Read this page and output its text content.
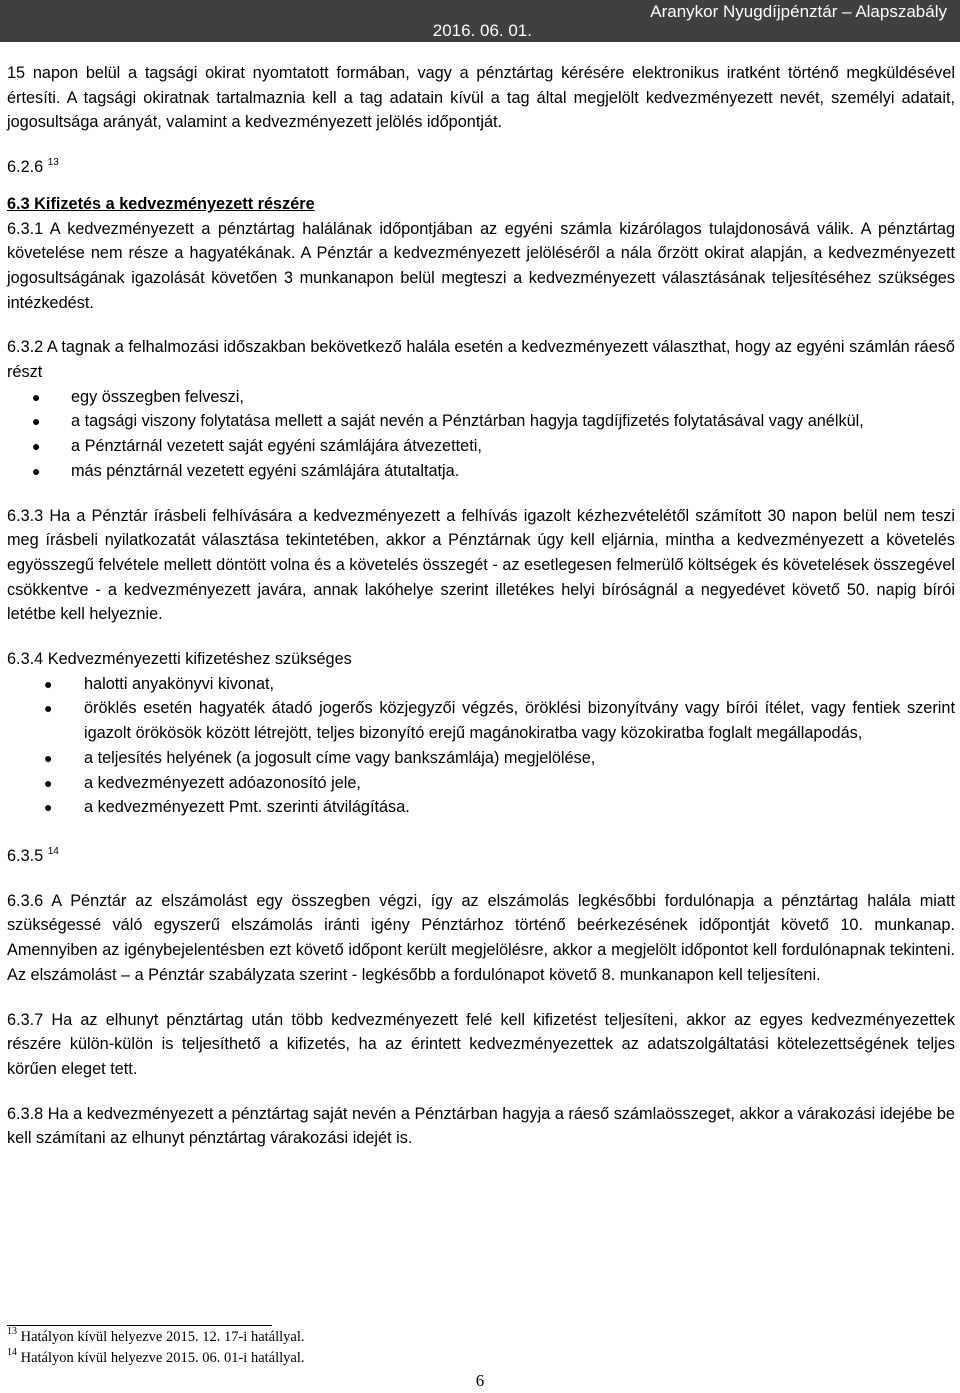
Aranykor Nyugdíjpénztár – Alapszabály
2016. 06. 01.

15 napon belül a tagsági okirat nyomtatott formában, vagy a pénztártag kérésére elektronikus iratként történő megküldésével értesíti. A tagsági okiratnak tartalmaznia kell a tag adatain kívül a tag által megjelölt kedvezményezett nevét, személyi adatait, jogosultsága arányát, valamint a kedvezményezett jelölés időpontját.

6.2.6 $^{13}$

6.3 Kifizetés a kedvezményezett részére

6.3.1 A kedvezményezett a pénztártag halálának időpontjában az egyéni számla kizárólagos tulajdonosává válik. A pénztártag követelése nem része a hagyatékának. A Pénztár a kedvezményezett jelöléséről a nála őrzött okirat alapján, a kedvezményezett jogosultságának igazolását követően 3 munkanapon belül megteszi a kedvezményezett választásának teljesítéséhez szükséges intézkedést.

6.3.2 A tagnak a felhalmozási időszakban bekövetkező halála esetén a kedvezményezett választhat, hogy az egyéni számlán ráeső részt

● egy összegben felveszi,
● a tagsági viszony folytatása mellett a saját nevén a Pénztárban hagyja tagdíjfizetés folytatásával vagy anélkül,
● a Pénztárnál vezetett saját egyéni számlájára átvezetteti,
● más pénztárnál vezetett egyéni számlájára átutaltatja.

6.3.3 Ha a Pénztár írásbeli felhívására a kedvezményezett a felhívás igazolt kézhezvételétől számított 30 napon belül nem teszi meg írásbeli nyilatkozatát választása tekintetében, akkor a Pénztárnak úgy kell eljárnia, mintha a kedvezményezett a követelés egyösszegű felvétele mellett döntött volna és a követelés összegét - az esetlegesen felmerülő költségek és követelések összegével csökkentve - a kedvezményezett javára, annak lakóhelye szerint illetékes helyi bíróságnál a negyedévet követő 50. napig bírói letétbe kell helyeznie.

6.3.4 Kedvezményezetti kifizetéshez szükséges

● halotti anyakönyvi kivonat,
● öröklés esetén hagyaték átadó jogerős közjegyzői végzés, öröklési bizonyítvány vagy bírói ítélet, vagy fentiek szerint igazolt örökösök között létrejött, teljes bizonyító erejű magánokiratba vagy közokiratba foglalt megállapodás,
● a teljesítés helyének (a jogosult címe vagy bankszámlája) megjelölése,
● a kedvezményezett adóazonosító jele,
● a kedvezményezett Pmt. szerinti átvilágítása.

6.3.5 $^{14}$

6.3.6 A Pénztár az elszámolást egy összegben végzi, így az elszámolás legkésőbbi fordulónapja a pénztártag halála miatt szükségessé váló egyszerű elszámolás iránti igény Pénztárhoz történő beérkezésének időpontját követő 10. munkanap. Amennyiben az igénybejelentésben ezt követő időpont került megjelölésre, akkor a megjelölt időpontot kell fordulónapnak tekinteni. Az elszámolást – a Pénztár szabályzata szerint - legkésőbb a fordulónapot követő 8. munkanapon kell teljesíteni.

6.3.7 Ha az elhunyt pénztártag után több kedvezményezett felé kell kifizetést teljesíteni, akkor az egyes kedvezményezettek részére külön-külön is teljesíthető a kifizetés, ha az érintett kedvezményezettek az adatszolgáltatási kötelezettségének teljes körűen eleget tett.

6.3.8 Ha a kedvezményezett a pénztártag saját nevén a Pénztárban hagyja a ráeső számlaösszeget, akkor a várakozási idejébe be kell számítani az elhunyt pénztártag várakozási idejét is.

$^{13}$ Hatályon kívül helyezve 2015. 12. 17-i hatállyal.
$^{14}$ Hatályon kívül helyezve 2015. 06. 01-i hatállyal.
6
